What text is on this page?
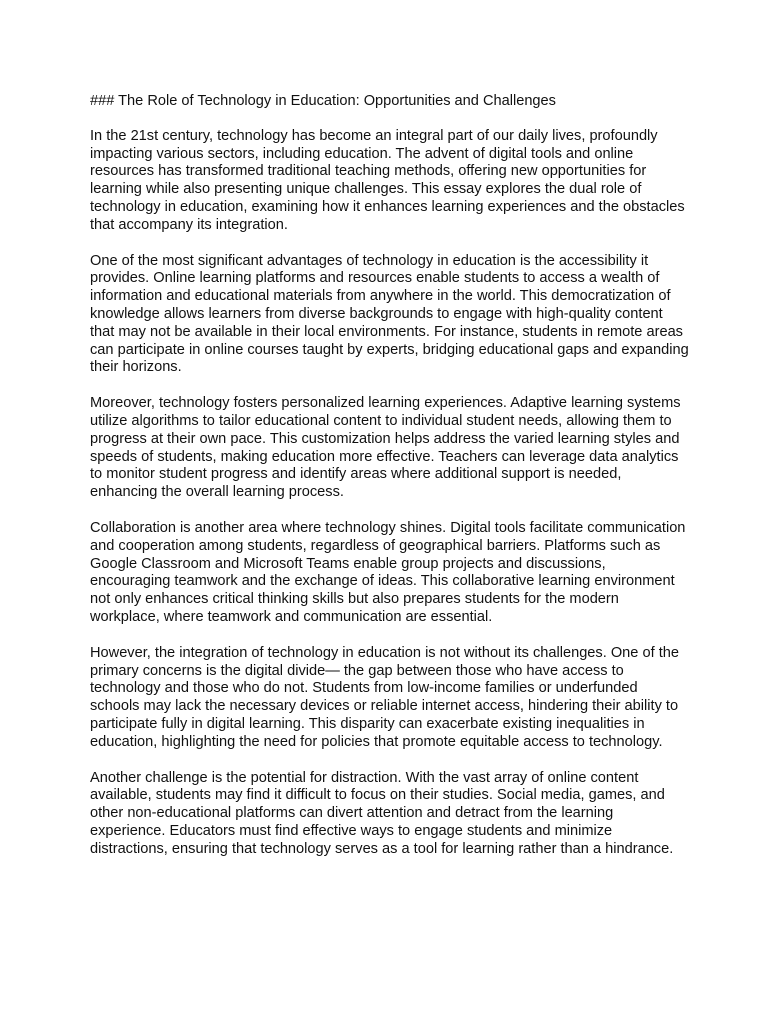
### The Role of Technology in Education: Opportunities and Challenges

In the 21st century, technology has become an integral part of our daily lives, profoundly impacting various sectors, including education. The advent of digital tools and online resources has transformed traditional teaching methods, offering new opportunities for learning while also presenting unique challenges. This essay explores the dual role of technology in education, examining how it enhances learning experiences and the obstacles that accompany its integration.

One of the most significant advantages of technology in education is the accessibility it provides. Online learning platforms and resources enable students to access a wealth of information and educational materials from anywhere in the world. This democratization of knowledge allows learners from diverse backgrounds to engage with high-quality content that may not be available in their local environments. For instance, students in remote areas can participate in online courses taught by experts, bridging educational gaps and expanding their horizons.

Moreover, technology fosters personalized learning experiences. Adaptive learning systems utilize algorithms to tailor educational content to individual student needs, allowing them to progress at their own pace. This customization helps address the varied learning styles and speeds of students, making education more effective. Teachers can leverage data analytics to monitor student progress and identify areas where additional support is needed, enhancing the overall learning process.

Collaboration is another area where technology shines. Digital tools facilitate communication and cooperation among students, regardless of geographical barriers. Platforms such as Google Classroom and Microsoft Teams enable group projects and discussions, encouraging teamwork and the exchange of ideas. This collaborative learning environment not only enhances critical thinking skills but also prepares students for the modern workplace, where teamwork and communication are essential.

However, the integration of technology in education is not without its challenges. One of the primary concerns is the digital divide— the gap between those who have access to technology and those who do not. Students from low-income families or underfunded schools may lack the necessary devices or reliable internet access, hindering their ability to participate fully in digital learning. This disparity can exacerbate existing inequalities in education, highlighting the need for policies that promote equitable access to technology.

Another challenge is the potential for distraction. With the vast array of online content available, students may find it difficult to focus on their studies. Social media, games, and other non-educational platforms can divert attention and detract from the learning experience. Educators must find effective ways to engage students and minimize distractions, ensuring that technology serves as a tool for learning rather than a hindrance.
